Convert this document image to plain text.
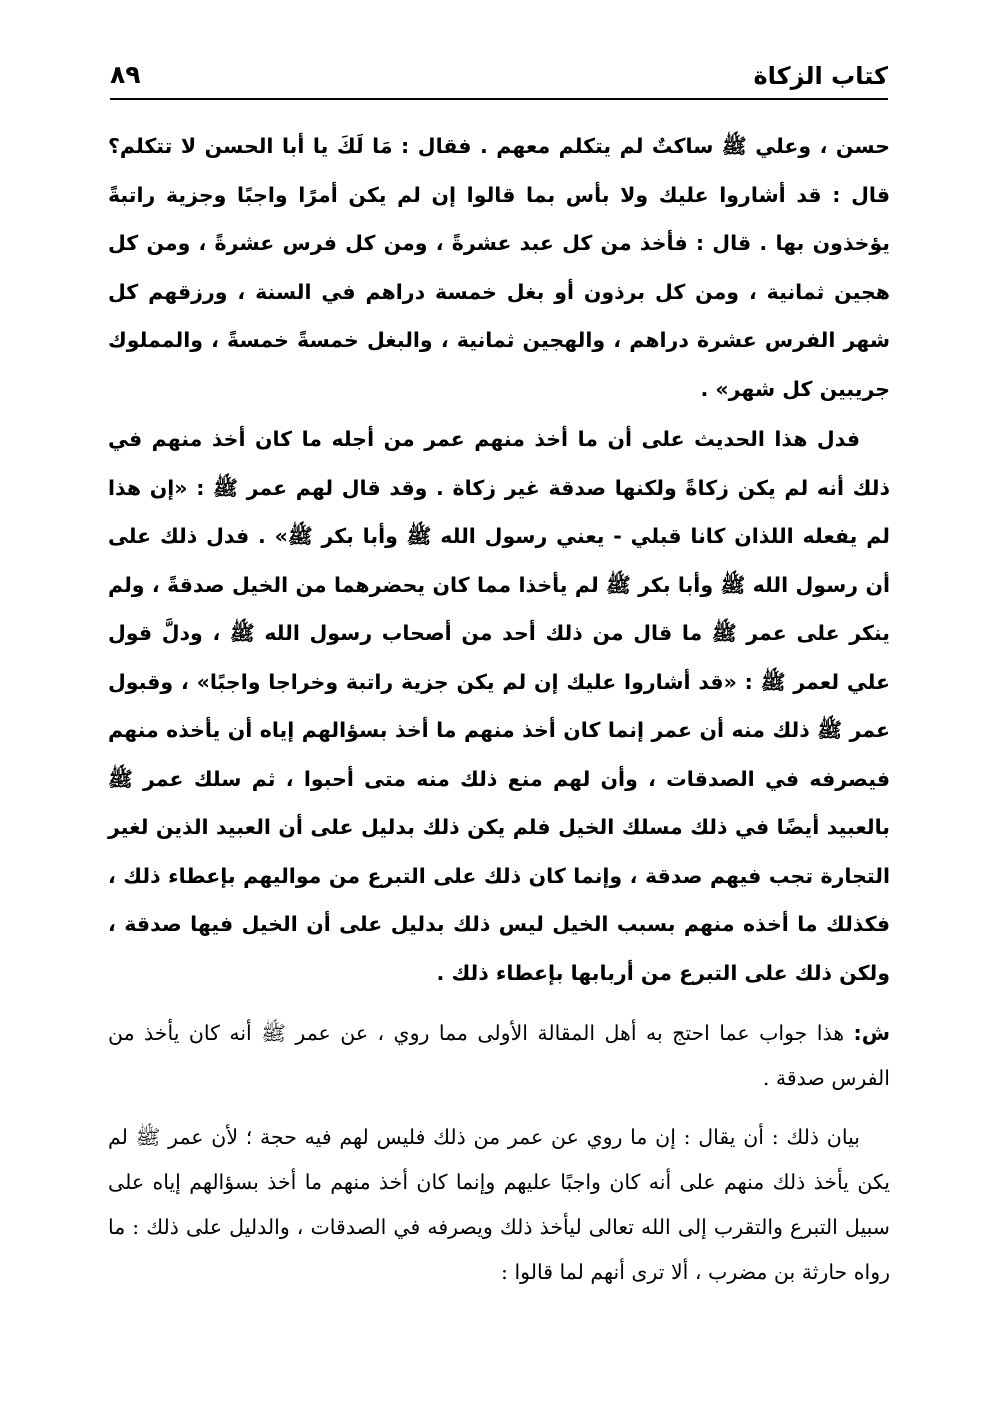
كتاب الزكاة
٨٩

حسن ، وعلي ﷺ ساكتٌ لم يتكلم معهم . فقال : مَا لَكَ يا أبا الحسن لا تتكلم؟ قال : قد أشاروا عليك ولا بأس بما قالوا إن لم يكن أمرًا واجبًا وجزية راتبةً يؤخذون بها . قال : فأخذ من كل عبد عشرةً ، ومن كل فرس عشرةً ، ومن كل هجين ثمانية ، ومن كل برذون أو بغل خمسة دراهم في السنة ، ورزقهم كل شهر الفرس عشرة دراهم ، والهجين ثمانية ، والبغل خمسةً خمسةً ، والمملوك جريبين كل شهر» .

فدل هذا الحديث على أن ما أخذ منهم عمر من أجله ما كان أخذ منهم في ذلك أنه لم يكن زكاةً ولكنها صدقة غير زكاة . وقد قال لهم عمر ﷺ : «إن هذا لم يفعله اللذان كانا قبلي - يعني رسول الله ﷺ وأبا بكر ﷺ» . فدل ذلك على أن رسول الله ﷺ وأبا بكر ﷺ لم يأخذا مما كان يحضرهما من الخيل صدقةً ، ولم ينكر على عمر ﷺ ما قال من ذلك أحد من أصحاب رسول الله ﷺ ، ودلَّ قول علي لعمر ﷺ : «قد أشاروا عليك إن لم يكن جزية راتبة وخراجا واجبًا» ، وقبول عمر ﷺ ذلك منه أن عمر إنما كان أخذ منهم ما أخذ بسؤالهم إياه أن يأخذه منهم فيصرفه في الصدقات ، وأن لهم منع ذلك منه متى أحبوا ، ثم سلك عمر ﷺ بالعبيد أيضًا في ذلك مسلك الخيل فلم يكن ذلك بدليل على أن العبيد الذين لغير التجارة تجب فيهم صدقة ، وإنما كان ذلك على التبرع من مواليهم بإعطاء ذلك ، فكذلك ما أخذه منهم بسبب الخيل ليس ذلك بدليل على أن الخيل فيها صدقة ، ولكن ذلك على التبرع من أربابها بإعطاء ذلك .

ش: هذا جواب عما احتج به أهل المقالة الأولى مما روي ، عن عمر ﷺ أنه كان يأخذ من الفرس صدقة .

بيان ذلك : أن يقال : إن ما روي عن عمر من ذلك فليس لهم فيه حجة ؛ لأن عمر ﷺ لم يكن يأخذ ذلك منهم على أنه كان واجبًا عليهم وإنما كان أخذ منهم ما أخذ بسؤالهم إياه على سبيل التبرع والتقرب إلى الله تعالى ليأخذ ذلك ويصرفه في الصدقات ، والدليل على ذلك : ما رواه حارثة بن مضرب ، ألا ترى أنهم لما قالوا :
